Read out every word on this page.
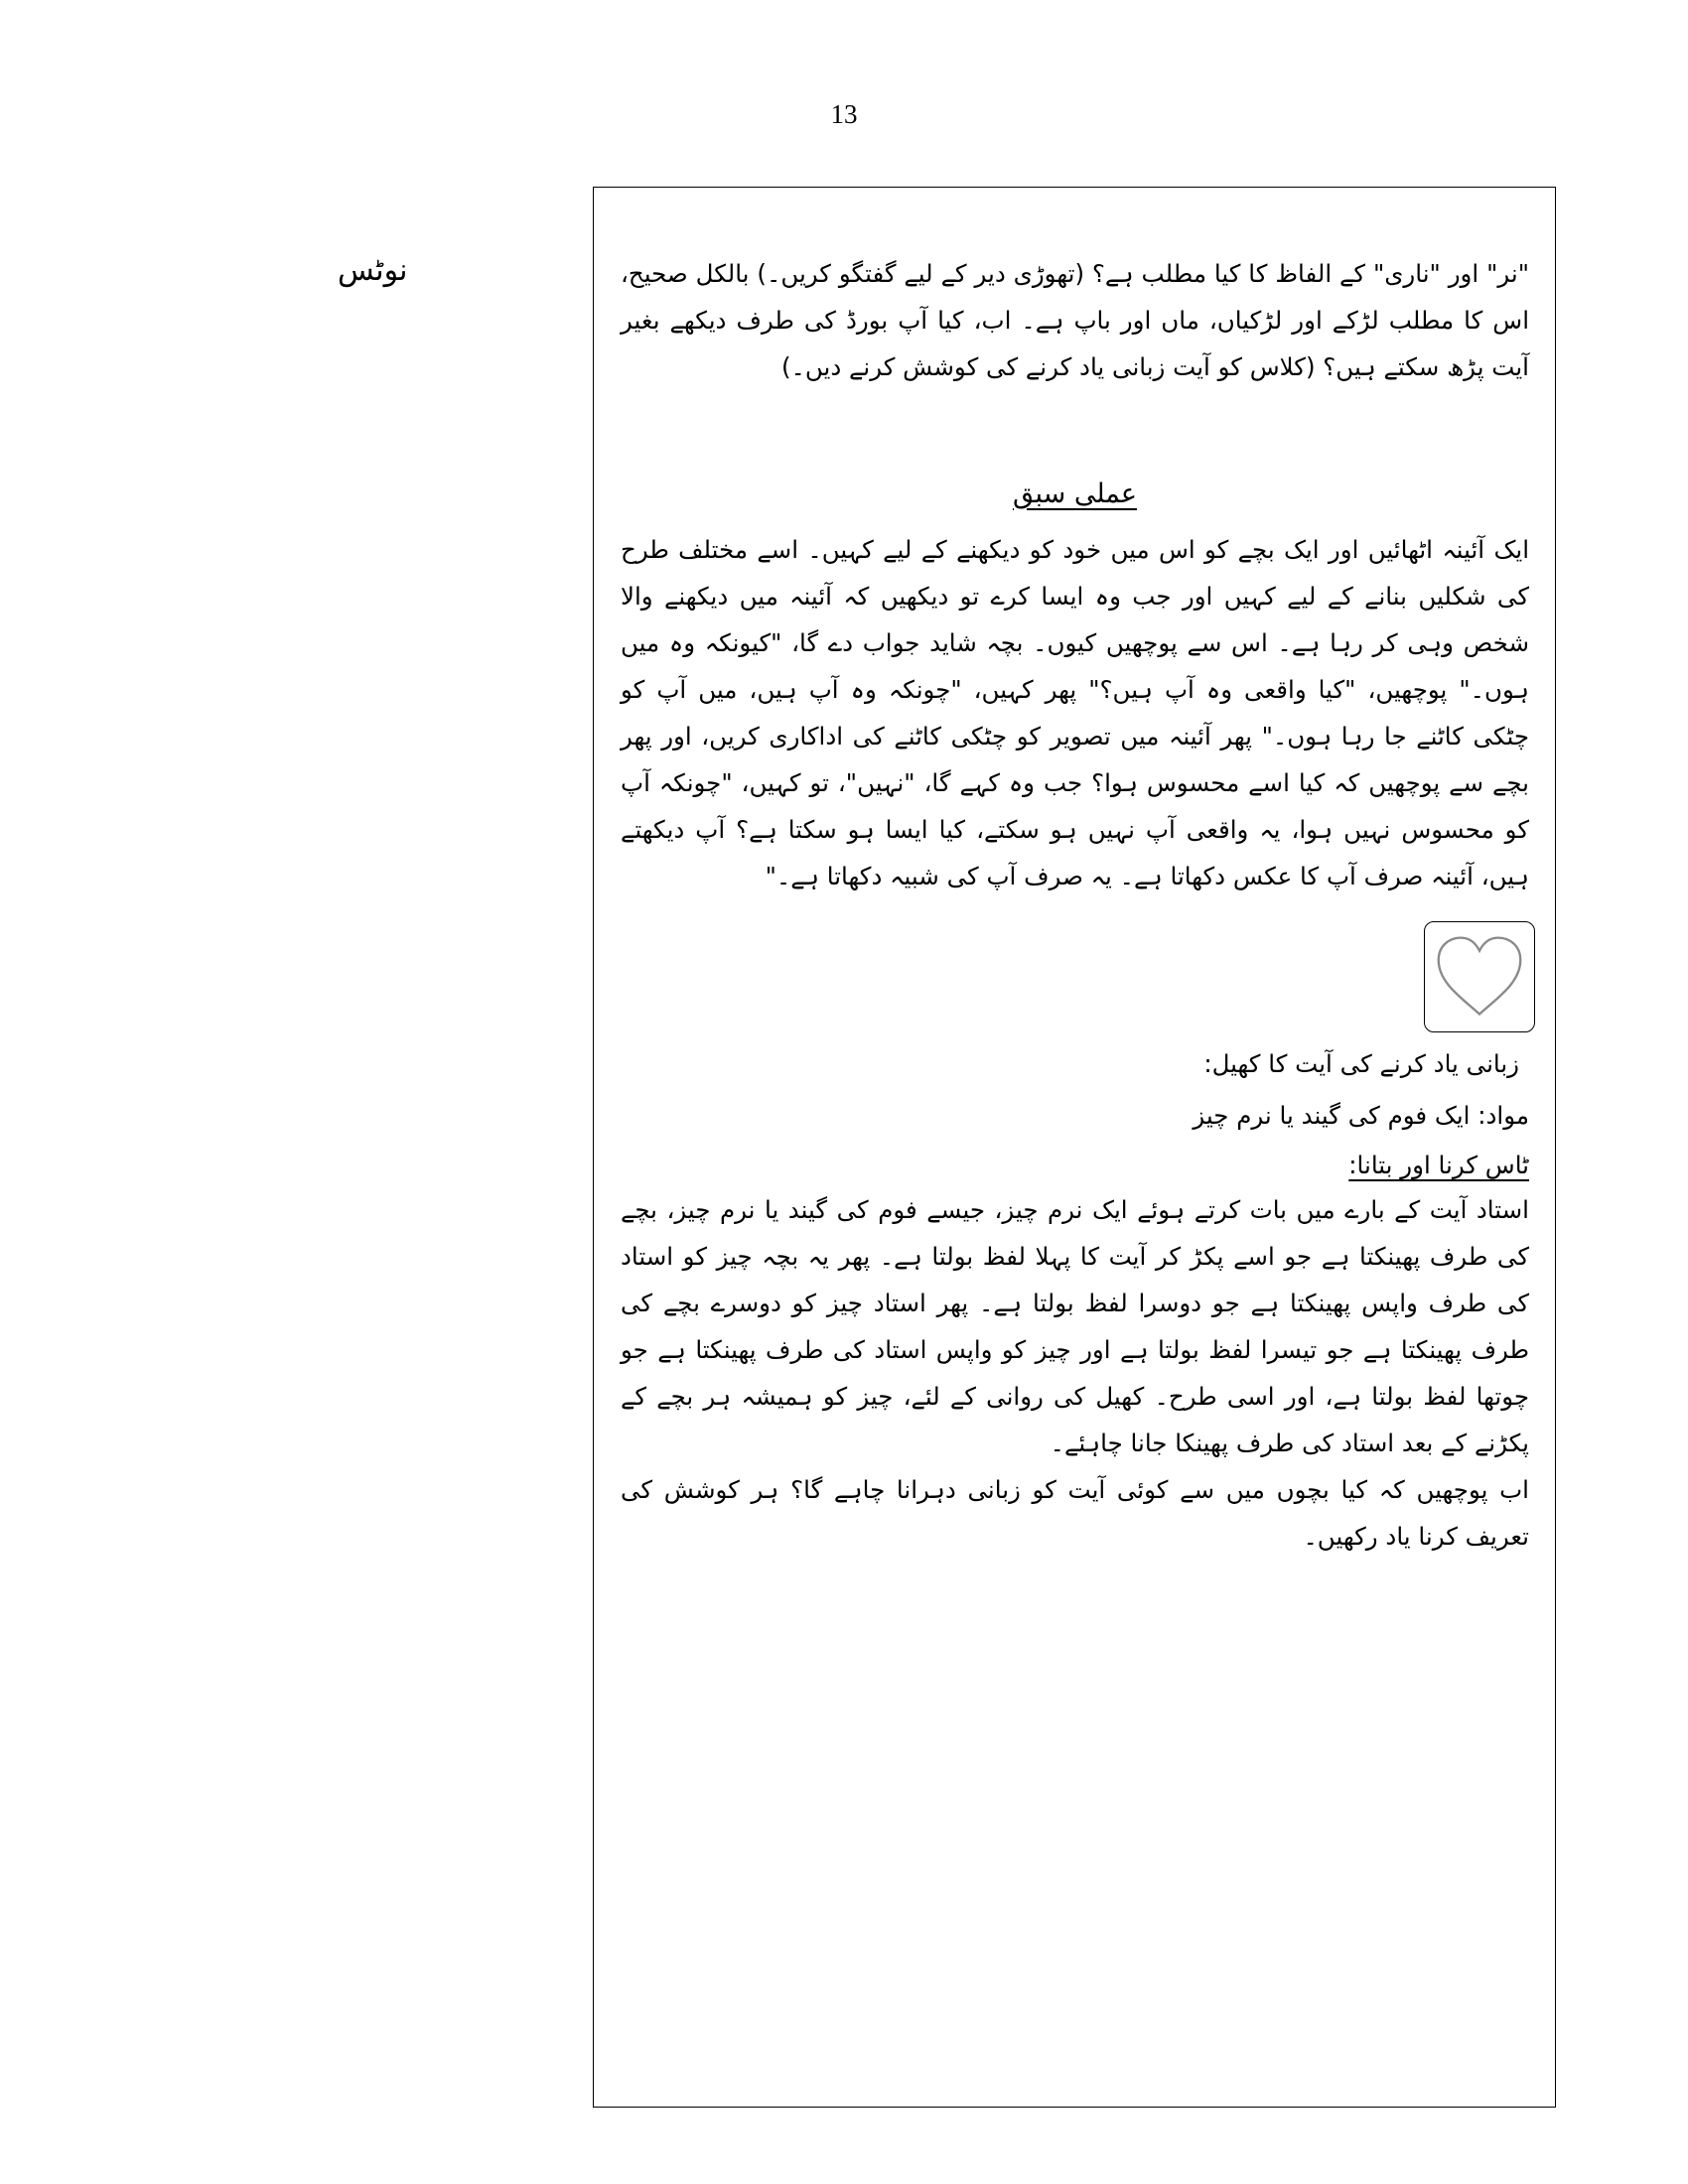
13
نوٹس	"نر" اور "ناری" کے الفاظ کا کیا مطلب ہے؟ (تھوڑی دیر کے لیے گفتگو کریں۔) بالکل صحیح، اس کا مطلب لڑکے اور لڑکیاں، ماں اور باپ ہے۔ اب، کیا آپ بورڈ کی طرف دیکھے بغیر آیت پڑھ سکتے ہیں؟ (کلاس کو آیت زبانی یاد کرنے کی کوشش کرنے دیں۔)

عملی سبق

ایک آئینہ اٹھائیں اور ایک بچے کو اس میں خود کو دیکھنے کے لیے کہیں۔ اسے مختلف طرح کی شکلیں بنانے کے لیے کہیں اور جب وہ ایسا کرے تو دیکھیں کہ آئینہ میں دیکھنے والا شخص وہی کر رہا ہے۔ اس سے پوچھیں کیوں۔ بچہ شاید جواب دے گا، "کیونکہ وہ میں ہوں۔" پوچھیں، "کیا واقعی وہ آپ ہیں؟" پھر کہیں، "چونکہ وہ آپ ہیں، میں آپ کو چٹکی کاٹنے جا رہا ہوں۔" پھر آئینہ میں تصویر کو چٹکی کاٹنے کی اداکاری کریں، اور پھر بچے سے پوچھیں کہ کیا اسے محسوس ہوا؟ جب وہ کہے گا، "نہیں"، تو کہیں، "چونکہ آپ کو محسوس نہیں ہوا، یہ واقعی آپ نہیں ہو سکتے، کیا ایسا ہو سکتا ہے؟ آپ دیکھتے ہیں، آئینہ صرف آپ کا عکس دکھاتا ہے۔ یہ صرف آپ کی شبیہ دکھاتا ہے۔"

زبانی یاد کرنے کی آیت کا کھیل:
مواد: ایک فوم کی گیند یا نرم چیز
ٹاس کرنا اور بتانا:

استاد آیت کے بارے میں بات کرتے ہوئے ایک نرم چیز، جیسے فوم کی گیند یا نرم چیز، بچے کی طرف پھینکتا ہے جو اسے پکڑ کر آیت کا پہلا لفظ بولتا ہے۔ پھر یہ بچہ چیز کو استاد کی طرف واپس پھینکتا ہے جو دوسرا لفظ بولتا ہے۔ پھر استاد چیز کو دوسرے بچے کی طرف پھینکتا ہے جو تیسرا لفظ بولتا ہے اور چیز کو واپس استاد کی طرف پھینکتا ہے جو چوتھا لفظ بولتا ہے، اور اسی طرح۔ کھیل کی روانی کے لئے، چیز کو ہمیشہ ہر بچے کے پکڑنے کے بعد استاد کی طرف پھینکا جانا چاہئے۔

اب پوچھیں کہ کیا بچوں میں سے کوئی آیت کو زبانی دہرانا چاہے گا؟ ہر کوشش کی تعریف کرنا یاد رکھیں۔
